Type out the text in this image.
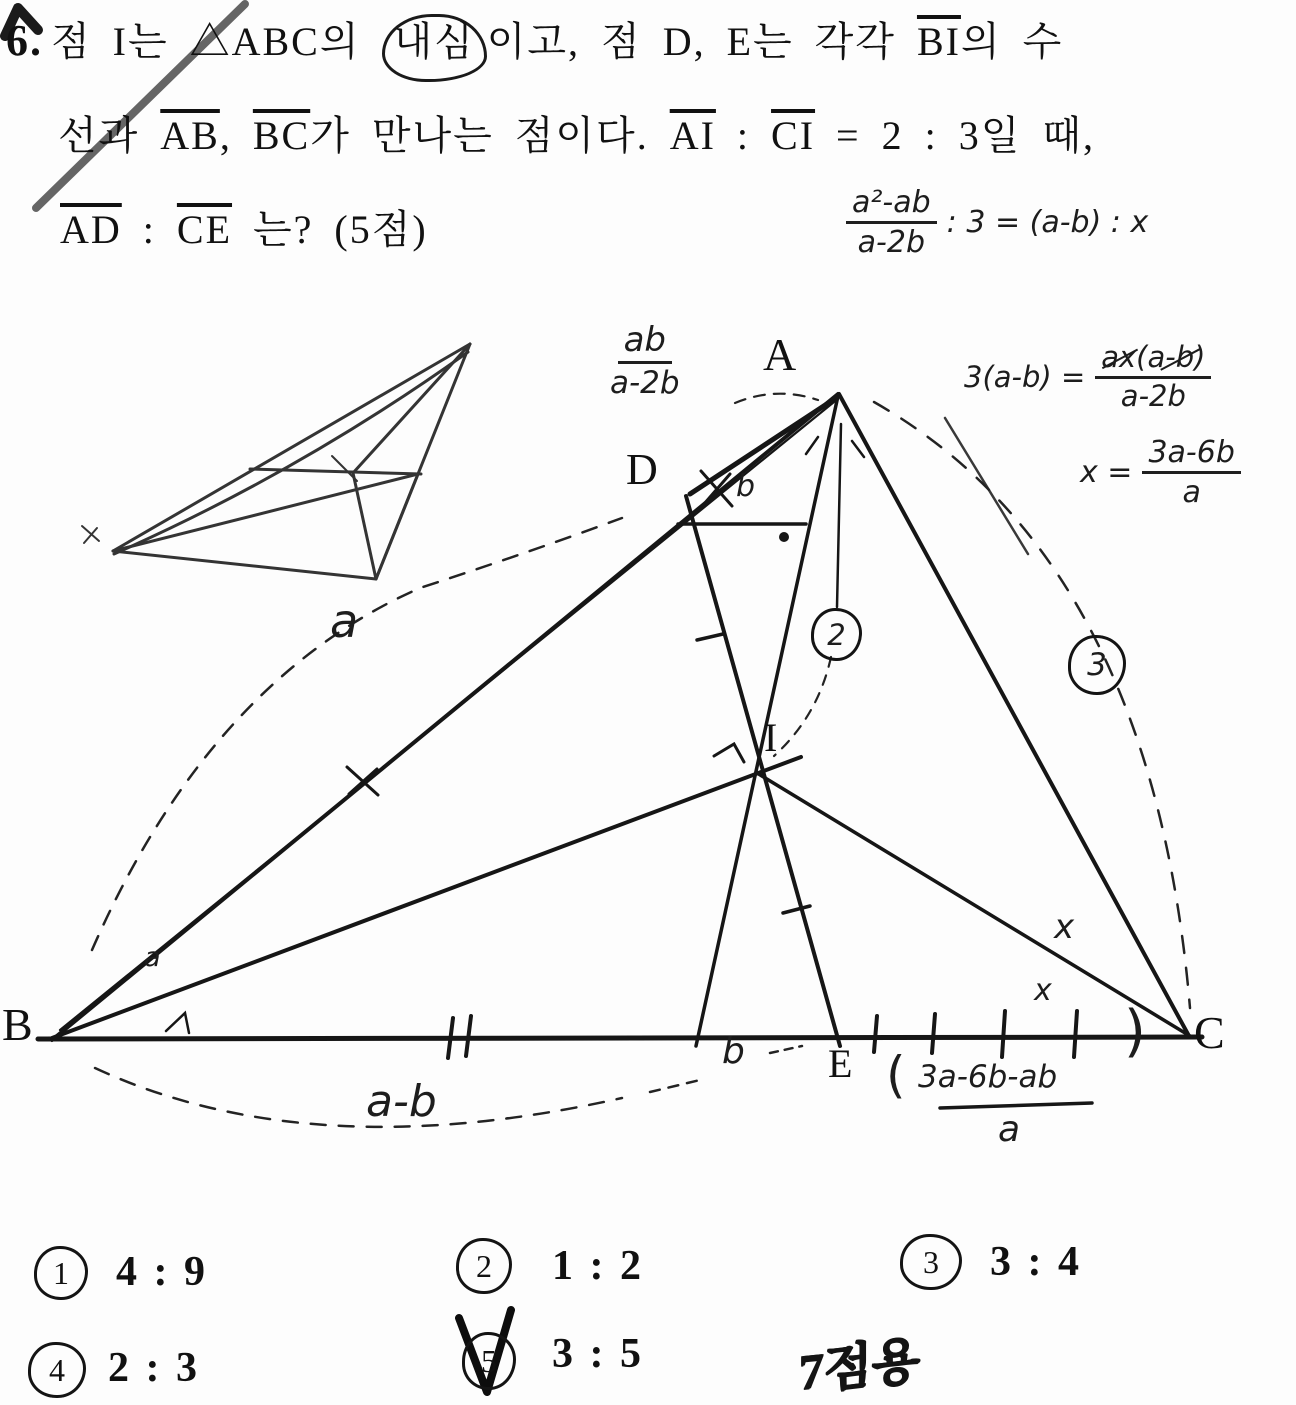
6. 점 I는 △ABC의 내심 이고, 점 D, E는 각각 $\overline{BI}$의 수
선과 $\overline{AB}$, $\overline{BC}$가 만나는 점이다. $\overline{AI}$ : $\overline{CI} = 2$ : 3일 때,
$\overline{AD}$ : $\overline{CE}$ 는? (5점)	$\frac{\text{a²-ab}}{a-2b}$ : 3 = (a-b) : x
$3(a-b) = \frac{ax(a-b)}{a-2b}$
$x = \frac{3a-6b}{a}$
A
B	C
D
E
I
$\frac{ab}{a-2b}$
2
3
a
a-b
b
b
x
x
a
( 3a-6b-ab
)
a
1	4 : 9	2	1 : 2	3	3 : 4
4	2 : 3	5	3 : 5	7점용
